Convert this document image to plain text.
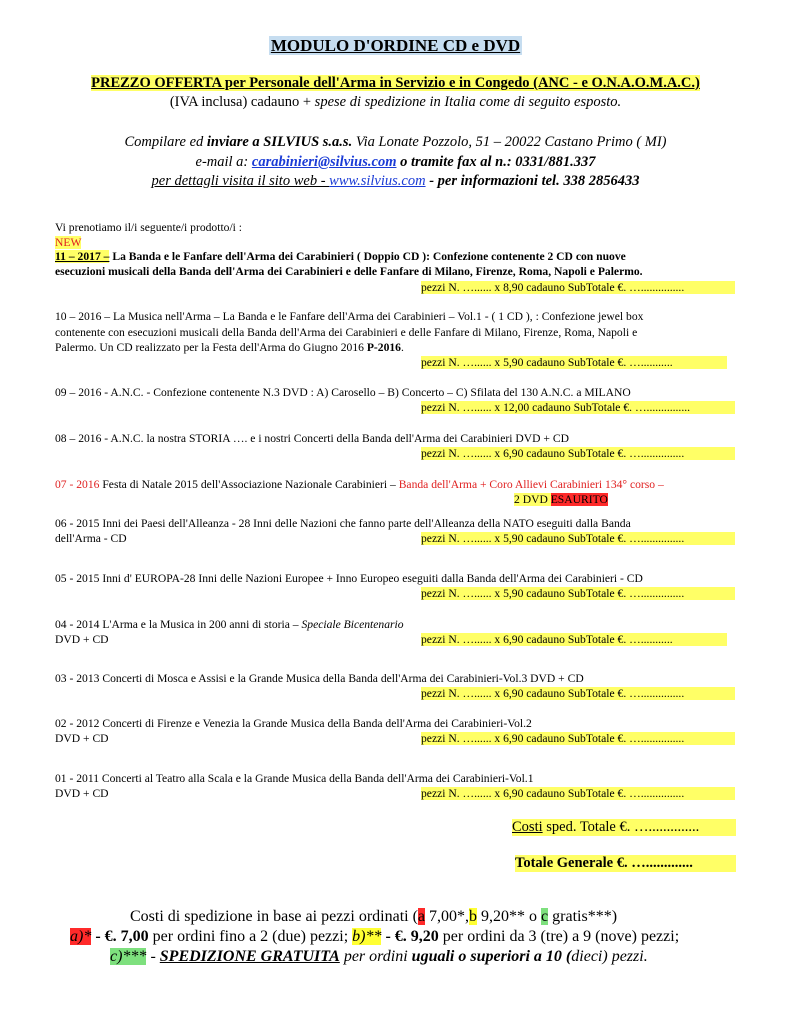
MODULO D'ORDINE CD e DVD
PREZZO OFFERTA per Personale dell'Arma in Servizio e in Congedo (ANC - e O.N.A.O.M.A.C.)
(IVA inclusa) cadauno + spese di spedizione in Italia come di seguito esposto.
Compilare ed inviare a SILVIUS s.a.s. Via Lonate Pozzolo, 51 – 20022 Castano Primo ( MI)
e-mail a: carabinieri@silvius.com o tramite fax al n.: 0331/881.337
per dettagli visita il sito web - www.silvius.com - per informazioni tel. 338 2856433
Vi prenotiamo il/i seguente/i prodotto/i :
NEW
11 – 2017 – La Banda e le Fanfare dell'Arma dei Carabinieri ( Doppio CD ): Confezione contenente 2 CD con nuove
esecuzioni musicali della Banda dell'Arma dei Carabinieri e delle Fanfare di Milano, Firenze, Roma, Napoli e Palermo.
pezzi N. …...... x 8,90 cadauno SubTotale €. …...............
10 – 2016 – La Musica nell'Arma – La Banda e le Fanfare dell'Arma dei Carabinieri – Vol.1 - ( 1 CD ), : Confezione jewel box
contenente con esecuzioni musicali della Banda dell'Arma dei Carabinieri e delle Fanfare di Milano, Firenze, Roma, Napoli e
Palermo. Un CD realizzato per la Festa dell'Arma do Giugno 2016 P-2016.
pezzi N. …...... x 5,90 cadauno SubTotale €. …...........
09 – 2016 - A.N.C. - Confezione contenente N.3 DVD : A) Carosello – B) Concerto – C) Sfilata del 130 A.N.C. a MILANO
pezzi N. …...... x 12,00 cadauno SubTotale €. …...............
08 – 2016 - A.N.C. la nostra STORIA …. e i nostri Concerti della Banda dell'Arma dei Carabinieri DVD + CD
pezzi N. …...... x 6,90 cadauno SubTotale €. …...............
07 - 2016 Festa di Natale 2015 dell'Associazione Nazionale Carabinieri – Banda dell'Arma + Coro Allievi Carabinieri 134° corso –
2 DVD ESAURITO
06 - 2015 Inni dei Paesi dell'Alleanza - 28 Inni delle Nazioni che fanno parte dell'Alleanza della NATO eseguiti dalla Banda
dell'Arma - CD	pezzi N. …...... x 5,90 cadauno SubTotale €. …...............
05 - 2015 Inni d' EUROPA-28 Inni delle Nazioni Europee + Inno Europeo eseguiti dalla Banda dell'Arma dei Carabinieri - CD
pezzi N. …...... x 5,90 cadauno SubTotale €. …...............
04 - 2014 L'Arma e la Musica in 200 anni di storia – Speciale Bicentenario
DVD + CD	pezzi N. …...... x 6,90 cadauno SubTotale €. …...........
03 - 2013 Concerti di Mosca e Assisi e la Grande Musica della Banda dell'Arma dei Carabinieri-Vol.3 DVD + CD
pezzi N. …...... x 6,90 cadauno SubTotale €. …...............
02 - 2012 Concerti di Firenze e Venezia la Grande Musica della Banda dell'Arma dei Carabinieri-Vol.2
DVD + CD	pezzi N. …...... x 6,90 cadauno SubTotale €. …...............
01 - 2011 Concerti al Teatro alla Scala e la Grande Musica della Banda dell'Arma dei Carabinieri-Vol.1
DVD + CD	pezzi N. …...... x 6,90 cadauno SubTotale €. …...............
Costi sped. Totale €. …..............
Totale Generale €. ….............
Costi di spedizione in base ai pezzi ordinati (a 7,00*,b 9,20** o c gratis***)
a)* - €. 7,00 per ordini fino a 2 (due) pezzi; b)** - €. 9,20 per ordini da 3 (tre) a 9 (nove) pezzi;
c)*** - SPEDIZIONE GRATUITA per ordini uguali o superiori a 10 (dieci) pezzi.
